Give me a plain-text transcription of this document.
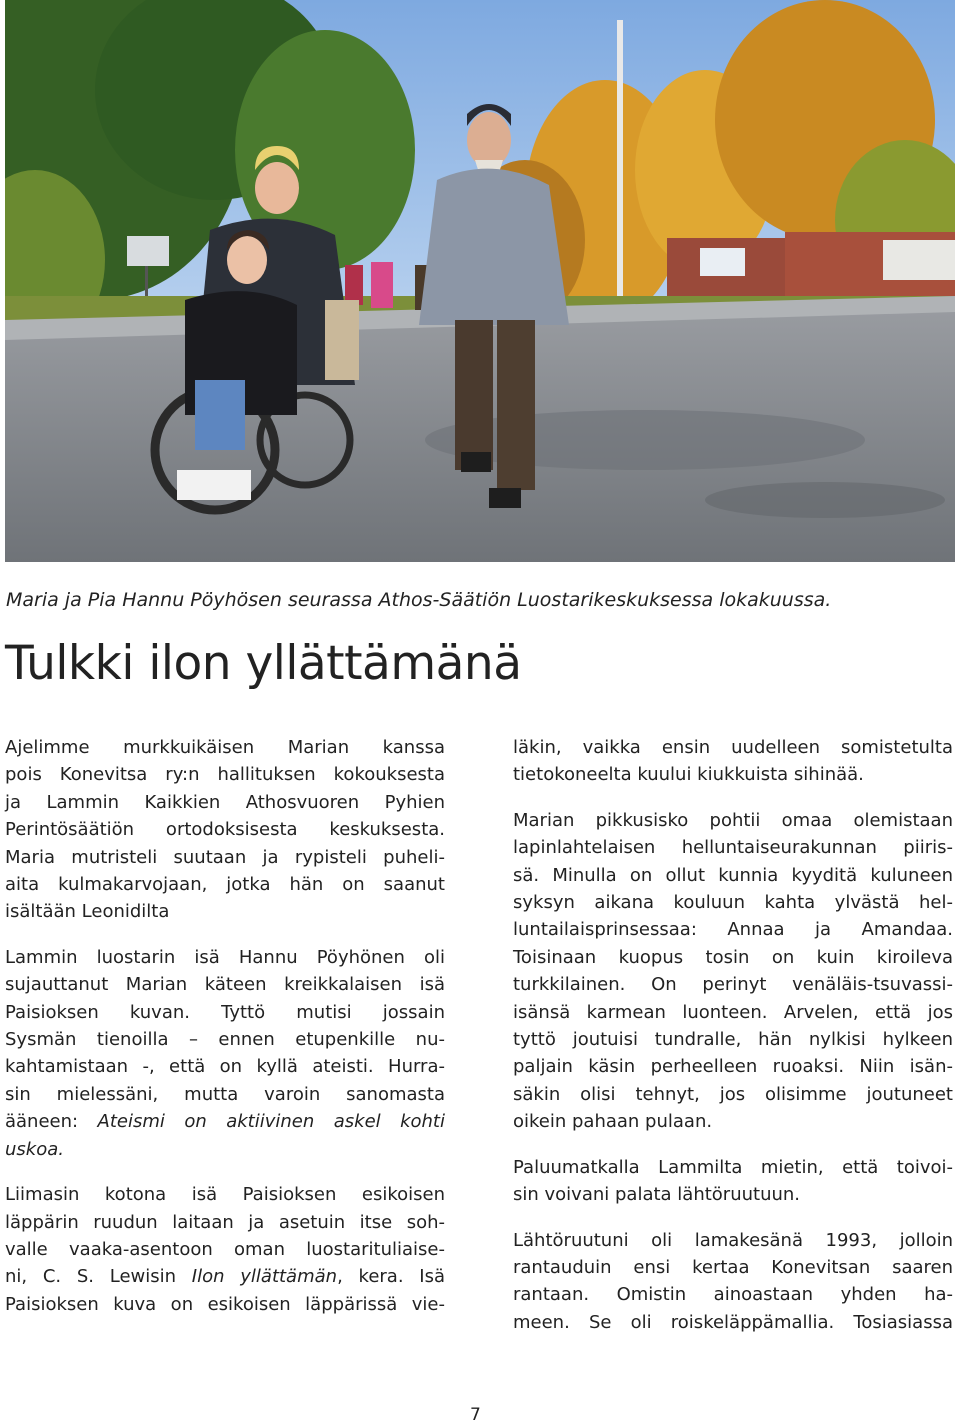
Maria ja Pia Hannu Pöyhösen seurassa Athos-Säätiön Luostarikeskuksessa lokakuussa.
Tulkki ilon yllättämänä

Ajelimme murkkuikäisen Marian kanssa
pois Konevitsa ry:n hallituksen kokouksesta
ja Lammin Kaikkien Athosvuoren Pyhien
Perintösäätiön ortodoksisesta keskuksesta.
Maria mutristeli suutaan ja rypisteli puheli-
aita kulmakarvojaan, jotka hän on saanut
isältään Leonidilta

Lammin luostarin isä Hannu Pöyhönen oli
sujauttanut Marian käteen kreikkalaisen isä
Paisioksen kuvan. Tyttö mutisi jossain
Sysmän tienoilla – ennen etupenkille nu-
kahtamistaan -, että on kyllä ateisti. Hurra-
sin mielessäni, mutta varoin sanomasta
ääneen: Ateismi on aktiivinen askel kohti
uskoa.

Liimasin kotona isä Paisioksen esikoisen
läppärin ruudun laitaan ja asetuin itse soh-
valle vaaka-asentoon oman luostarituliaise-
ni, C. S. Lewisin Ilon yllättämän, kera. Isä
Paisioksen kuva on esikoisen läppärissä vie-

läkin, vaikka ensin uudelleen somistetulta
tietokoneelta kuului kiukkuista sihinää.

Marian pikkusisko pohtii omaa olemistaan
lapinlahtelaisen helluntaiseurakunnan piiris-
sä. Minulla on ollut kunnia kyyditä kuluneen
syksyn aikana kouluun kahta ylvästä hel-
luntailaisprinsessaa: Annaa ja Amandaa.
Toisinaan kuopus tosin on kuin kiroileva
turkkilainen. On perinyt venäläis-tsuvassi-
isänsä karmean luonteen. Arvelen, että jos
tyttö joutuisi tundralle, hän nylkisi hylkeen
paljain käsin perheelleen ruoaksi. Niin isän-
säkin olisi tehnyt, jos olisimme joutuneet
oikein pahaan pulaan.

Paluumatkalla Lammilta mietin, että toivoi-
sin voivani palata lähtöruutuun.

Lähtöruutuni oli lamakesänä 1993, jolloin
rantauduin ensi kertaa Konevitsan saaren
rantaan. Omistin ainoastaan yhden ha-
meen. Se oli roiskeläppämallia. Tosiasiassa

7
